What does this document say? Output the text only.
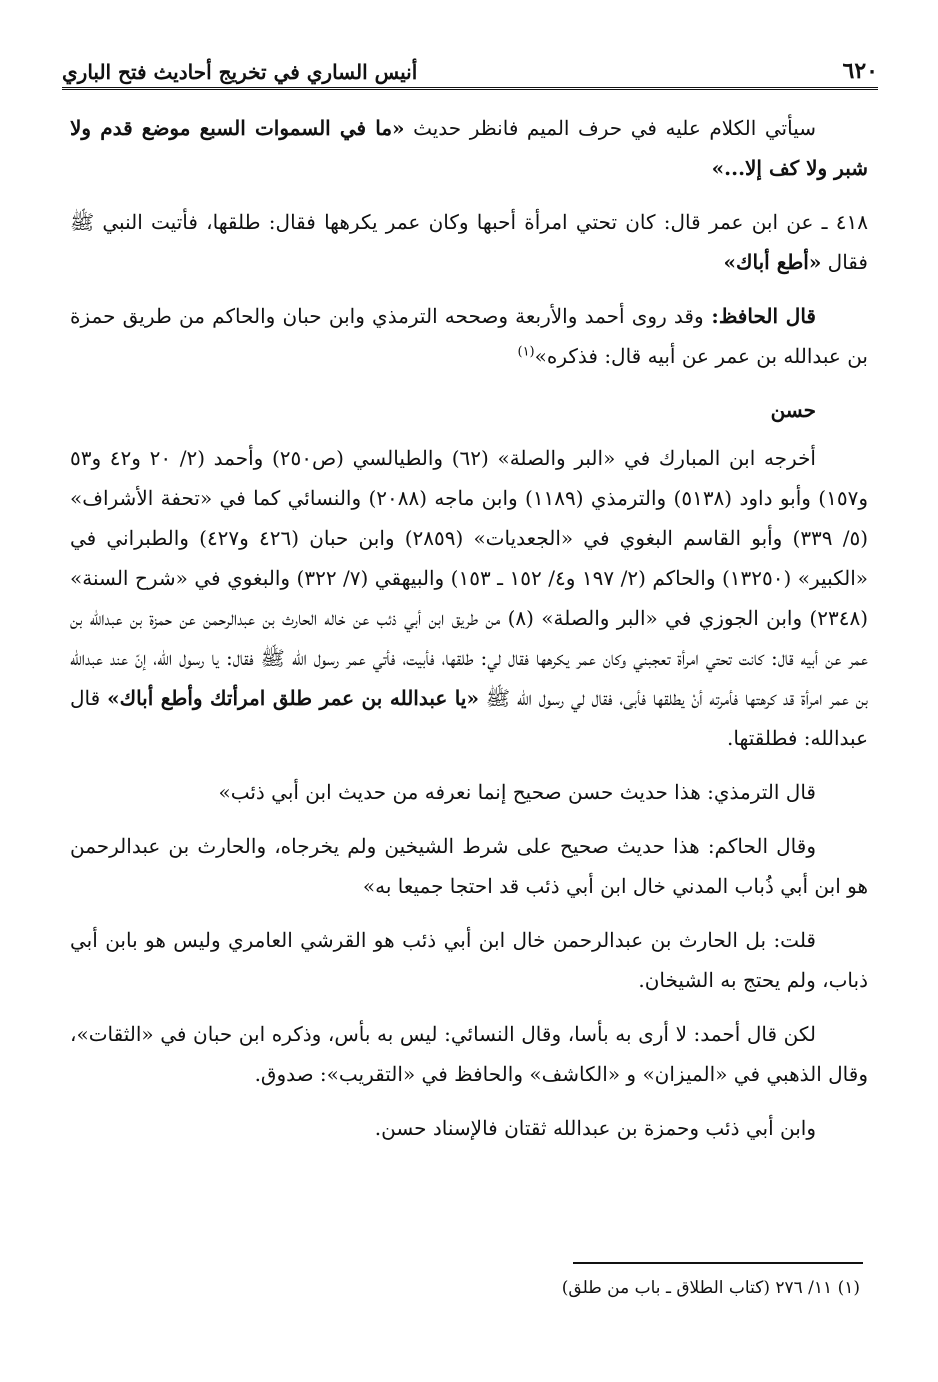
٦٢٠
أنيس الساري في تخريج أحاديث فتح الباري

سيأتي الكلام عليه في حرف الميم فانظر حديث «ما في السموات السبع موضع قدم ولا شبر ولا كف إلا...»

٤١٨ ـ عن ابن عمر قال: كان تحتي امرأة أحبها وكان عمر يكرهها فقال: طلقها، فأتيت النبي ﷺ فقال «أطع أباك»

قال الحافظ: وقد روى أحمد والأربعة وصححه الترمذي وابن حبان والحاكم من طريق حمزة بن عبدالله بن عمر عن أبيه قال: فذكره»$^{(١)}$

حسن

أخرجه ابن المبارك في «البر والصلة» (٦٢) والطيالسي (ص٢٥٠) وأحمد (٢/ ٢٠ و٤٢ و٥٣ و١٥٧) وأبو داود (٥١٣٨) والترمذي (١١٨٩) وابن ماجه (٢٠٨٨) والنسائي كما في «تحفة الأشراف» (٥/ ٣٣٩) وأبو القاسم البغوي في «الجعديات» (٢٨٥٩) وابن حبان (٤٢٦ و٤٢٧) والطبراني في «الكبير» (١٣٢٥٠) والحاكم (٢/ ١٩٧ و٤/ ١٥٢ ـ ١٥٣) والبيهقي (٧/ ٣٢٢) والبغوي في «شرح السنة» (٢٣٤٨) وابن الجوزي في «البر والصلة» (٨) من طريق ابن أبي ذئب عن خاله الحارث بن عبدالرحمن عن حمزة بن عبدالله بن عمر عن أبيه قال: كانت تحتي امرأة تعجبني وكان عمر يكرهها فقال لي: طلقها، فأبيت، فأتي عمر رسول الله ﷺ فقال: يا رسول الله، إنّ عند عبدالله بن عمر امرأة قد كرهتها فأمرته أنْ يطلقها فأبى، فقال لي رسول الله ﷺ «يا عبدالله بن عمر طلق امرأتك وأطع أباك» قال عبدالله: فطلقتها.

قال الترمذي: هذا حديث حسن صحيح إنما نعرفه من حديث ابن أبي ذئب»

وقال الحاكم: هذا حديث صحيح على شرط الشيخين ولم يخرجاه، والحارث بن عبدالرحمن هو ابن أبي ذُباب المدني خال ابن أبي ذئب قد احتجا جميعا به»

قلت: بل الحارث بن عبدالرحمن خال ابن أبي ذئب هو القرشي العامري وليس هو بابن أبي ذباب، ولم يحتج به الشيخان.

لكن قال أحمد: لا أرى به بأسا، وقال النسائي: ليس به بأس، وذكره ابن حبان في «الثقات»، وقال الذهبي في «الميزان» و «الكاشف» والحافظ في «التقريب»: صدوق.

وابن أبي ذئب وحمزة بن عبدالله ثقتان فالإسناد حسن.

(١) ١١/ ٢٧٦ (كتاب الطلاق ـ باب من طلق)
